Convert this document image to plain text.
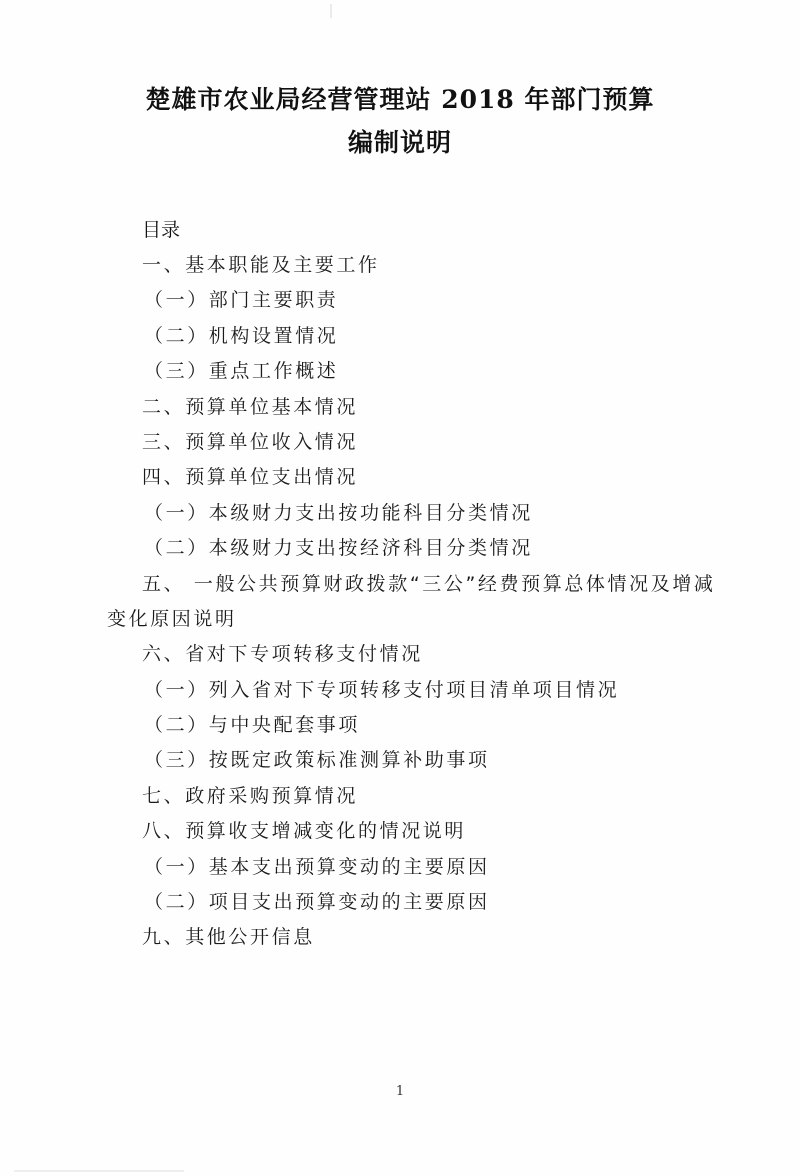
楚雄市农业局经营管理站 2018 年部门预算
编制说明
目录
一、基本职能及主要工作
（一）部门主要职责
（二）机构设置情况
（三）重点工作概述
二、预算单位基本情况
三、预算单位收入情况
四、预算单位支出情况
（一）本级财力支出按功能科目分类情况
（二）本级财力支出按经济科目分类情况
五、 一般公共预算财政拨款“三公”经费预算总体情况及增减
变化原因说明
六、省对下专项转移支付情况
（一）列入省对下专项转移支付项目清单项目情况
（二）与中央配套事项
（三）按既定政策标准测算补助事项
七、政府采购预算情况
八、预算收支增减变化的情况说明
（一）基本支出预算变动的主要原因
（二）项目支出预算变动的主要原因
九、其他公开信息
1
